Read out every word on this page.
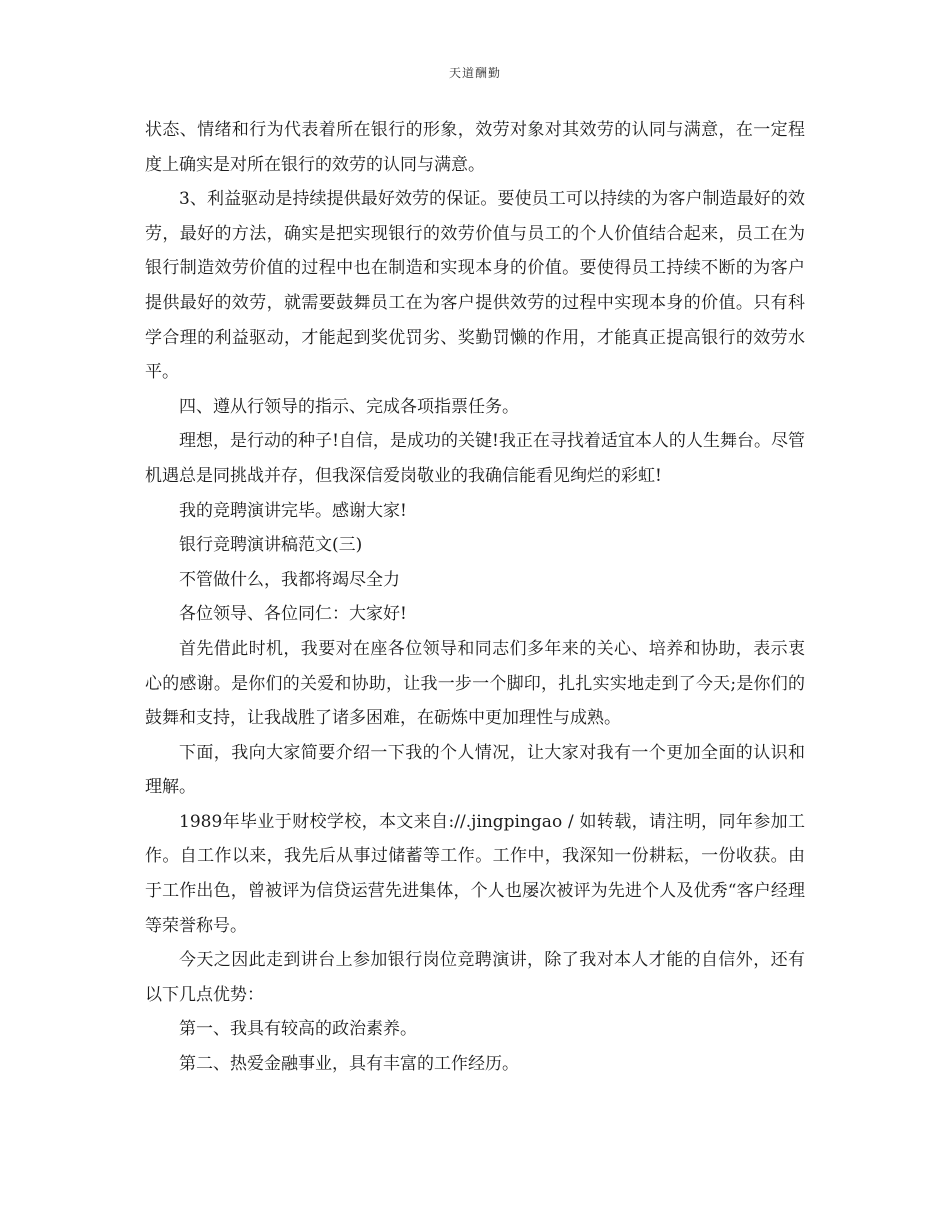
天道酬勤

状态、情绪和行为代表着所在银行的形象，效劳对象对其效劳的认同与满意，在一定程度上确实是对所在银行的效劳的认同与满意。

3、利益驱动是持续提供最好效劳的保证。要使员工可以持续的为客户制造最好的效劳，最好的方法，确实是把实现银行的效劳价值与员工的个人价值结合起来，员工在为银行制造效劳价值的过程中也在制造和实现本身的价值。要使得员工持续不断的为客户提供最好的效劳，就需要鼓舞员工在为客户提供效劳的过程中实现本身的价值。只有科学合理的利益驱动，才能起到奖优罚劣、奖勤罚懒的作用，才能真正提高银行的效劳水平。

四、遵从行领导的指示、完成各项指票任务。

理想，是行动的种子!自信，是成功的关键!我正在寻找着适宜本人的人生舞台。尽管机遇总是同挑战并存，但我深信爱岗敬业的我确信能看见绚烂的彩虹!

我的竞聘演讲完毕。感谢大家!

银行竞聘演讲稿范文(三)

不管做什么，我都将竭尽全力

各位领导、各位同仁：大家好!

首先借此时机，我要对在座各位领导和同志们多年来的关心、培养和协助，表示衷心的感谢。是你们的关爱和协助，让我一步一个脚印，扎扎实实地走到了今天;是你们的鼓舞和支持，让我战胜了诸多困难，在砺炼中更加理性与成熟。

下面，我向大家简要介绍一下我的个人情况，让大家对我有一个更加全面的认识和理解。

1989年毕业于财校学校，本文来自://.jingpingao / 如转载，请注明，同年参加工作。自工作以来，我先后从事过储蓄等工作。工作中，我深知一份耕耘，一份收获。由于工作出色，曾被评为信贷运营先进集体，个人也屡次被评为先进个人及优秀“客户经理等荣誉称号。

今天之因此走到讲台上参加银行岗位竞聘演讲，除了我对本人才能的自信外，还有以下几点优势：

第一、我具有较高的政治素养。

第二、热爱金融事业，具有丰富的工作经历。
